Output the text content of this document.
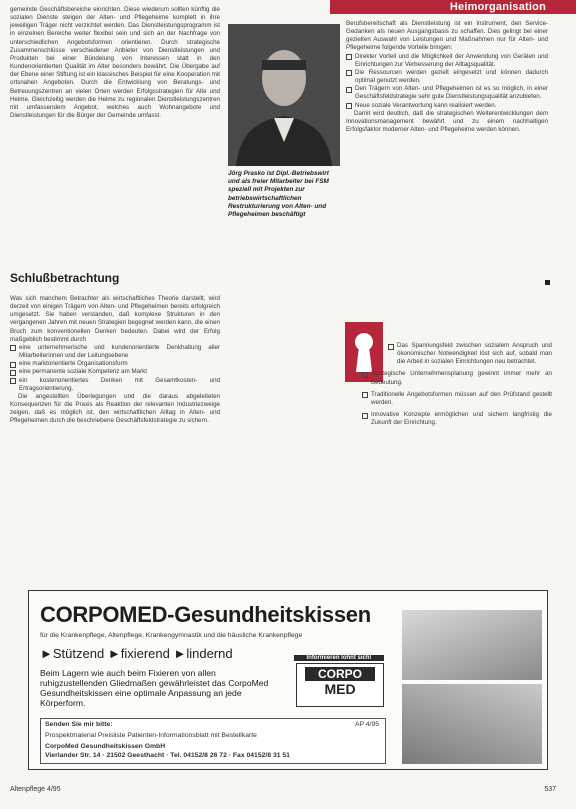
Heimorganisation

gemeinde Geschäftsbereiche einrichten. Diese wiederum sollten künftig die sozialen Dienste steigen der Alten- und Pflegeheime komplett in ihre jeweiligen Träger nicht verzichtet werden. Das Dienstleistungsprogramm ist in einzelnen Bereiche weiter flexibel sein und sich an der Nachfrage von unterschiedlichen Angebotsformen orientieren. Durch strategische Zusammenschlüsse verschiedener Anbieter von Dienstleistungen und Produkten bei einer Bündelung von Interessen statt in den Kundenorientierten Qualität im Alter besonders bewährt. Die Übergabe auf der Ebene einer Stiftung ist ein klassisches Beispiel für eine Kooperation mit ortsnahen Angeboten. Durch die Entwicklung von Beratungs- und Betreuungszentren an vielen Orten werden Erfolgsstrategien für Alte und Heime. Gleichzeitig werden die Heime zu regionalen Dienstleistungszentren mit umfassendem Angebot, welches auch Wohnangebote und Dienstleistungen für die Bürger der Gemeinde umfasst.

Schlußbetrachtung

Was sich manchem Betrachter als wirtschaftliches Theorie darstellt, wird derzeit von einigen Trägern von Alten- und Pflegeheimen bereits erfolgreich umgesetzt. Sie haben verstanden, daß komplexe Strukturen in den vergangenen Jahren mit neuen Strategien begegnet werden kann, die einen Bruch zum konventionellen Denken bedeuten. Dabei wird der Erfolg maßgeblich bestimmt durch

eine unternehmerische und kundenorientierte Denkhaltung aller Mitarbeiterinnen und der Leitungsebene
eine marktorientierte Organisationsform
eine permanente soziale Kompetenz am Markt
ein kostenorientiertes Denken mit Gesamtkosten- und Ertragsorientierung.

Die angestellten Überlegungen und die daraus abgeleiteten Konsequenzen für die Praxis als Reaktion der relevanten Industriezweige zeigen, daß es möglich ist, den wirtschaftlichen Alltag in Alten- und Pflegeheimen durch die beschriebene Geschäftsfeldstrategie zu sichern.

Jörg Prasko ist Dipl.-Betriebswirt und als freier Mitarbeiter bei FSM speziell mit Projekten zur betriebswirtschaftlichen Restrukturierung von Alten- und Pflegeheimen beschäftigt

Berufsbereitschaft als Dienstleistung ist ein Instrument, den Service-Gedanken als neuen Ausgangsbasis zu schaffen. Dies gelingt bei einer gezielten Auswahl von Leistungen und Maßnahmen nur für Alten- und Pflegeheime folgende Vorteile bringen:

Direkter Vorteil und die Möglichkeit der Anwendung von Geräten und Einrichtungen zur Verbesserung der Alltagsqualität.
Die Ressourcen werden gezielt eingesetzt und können dadurch optimal genutzt werden.
Den Trägern von Alten- und Pflegeheimen ist es so möglich, in einer Geschäftsfeldstrategie sehr gute Dienstleistungsqualität anzubieten.
Neue soziale Verantwortung kann realisiert werden.

Damit wird deutlich, daß die strategischen Weiterentwicklungen dem Innovationsmanagement bewährt und zu einem nachhaltigen Erfolgsfaktor moderner Alten- und Pflegeheime werden können.

Das Spannungsfeld zwischen sozialem Anspruch und ökonomischer Notwendigkeit löst sich auf, sobald man die Arbeit in sozialen Einrichtungen neu betrachtet.
Strategische Unternehmensplanung gewinnt immer mehr an Bedeutung.
Traditionelle Angebotsformen müssen auf den Prüfstand gestellt werden.
Innovative Konzepte ermöglichen und sichern langfristig die Zukunft der Einrichtung.
CORPOMED-Gesundheitskissen
für die Krankenpflege, Altenpflege, Krankengymnastik und die häusliche Krankenpflege
►Stützend ►fixierend ►lindernd
Beim Lagern wie auch beim Fixieren von allen ruhigzustellenden Gliedmaßen gewährleistet das CorpoMed Gesundheitskissen eine optimale Anpassung an jede Körperform.
Informieren lohnt sich!
CORPO
MED
Senden Sie mir bitte:	AP 4/95
Prospektmaterial Preisliste Patienten-Informationsblatt mit Bestellkarte
CorpoMed Gesundheitskissen GmbH
Vierlander Str. 14 · 21502 Geesthacht · Tel. 04152/8 26 72 · Fax 04152/8 31 51
Altenpflege 4/95	537
